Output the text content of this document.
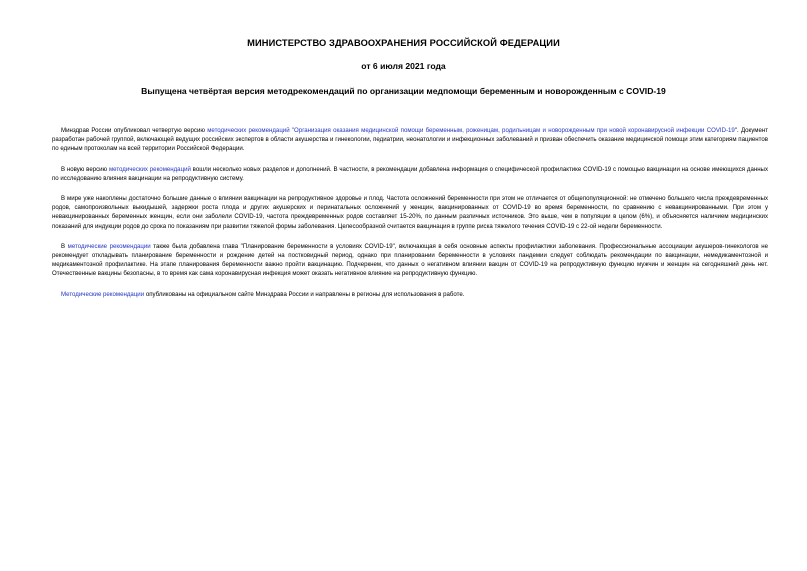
МИНИСТЕРСТВО ЗДРАВООХРАНЕНИЯ РОССИЙСКОЙ ФЕДЕРАЦИИ
от 6 июля 2021 года
Выпущена четвёртая версия методрекомендаций по организации медпомощи беременным и новорожденным с COVID-19

Минздрав России опубликовал четвертую версию методических рекомендаций "Организация оказания медицинской помощи беременным, роженицам, родильницам и новорожденным при новой коронавирусной инфекции COVID-19". Документ разработан рабочей группой, включающей ведущих российских экспертов в области акушерства и гинекологии, педиатрии, неонатологии и инфекционных заболеваний и призван обеспечить оказание медицинской помощи этим категориям пациентов по единым протоколам на всей территории Российской Федерации.

В новую версию методических рекомендаций вошли несколько новых разделов и дополнений. В частности, в рекомендации добавлена информация о специфической профилактике COVID-19 с помощью вакцинации на основе имеющихся данных по исследованию влияния вакцинации на репродуктивную систему.

В мире уже накоплены достаточно большие данные о влиянии вакцинации на репродуктивное здоровье и плод. Частота осложнений беременности при этом не отличается от общепопуляционной: не отмечено большего числа преждевременных родов, самопроизвольных выкидышей, задержки роста плода и других акушерских и перинатальных осложнений у женщин, вакцинированных от COVID-19 во время беременности, по сравнению с невакцинированными. При этом у невакцинированных беременных женщин, если они заболели COVID-19, частота преждевременных родов составляет 15-20%, по данным различных источников. Это выше, чем в популяции в целом (6%), и объясняется наличием медицинских показаний для индукции родов до срока по показаниям при развитии тяжелой формы заболевания. Целесообразной считается вакцинация в группе риска тяжелого течения COVID-19 с 22-ой недели беременности.

В методические рекомендации также была добавлена глава "Планирование беременности в условиях COVID-19", включающая в себя основные аспекты профилактики заболевания. Профессиональные ассоциации акушеров-гинекологов не рекомендует откладывать планирование беременности и рождение детей на постковидный период, однако при планировании беременности в условиях пандемии следует соблюдать рекомендации по вакцинации, немедикаментозной и медикаментозной профилактике. На этапе планирования беременности важно пройти вакцинацию. Подчеркнем, что данных о негативном влиянии вакцин от COVID-19 на репродуктивную функцию мужчин и женщин на сегодняшний день нет. Отечественные вакцины безопасны, в то время как сама коронавирусная инфекция может оказать негативное влияние на репродуктивную функцию.

Методические рекомендации опубликованы на официальном сайте Минздрава России и направлены в регионы для использования в работе.
